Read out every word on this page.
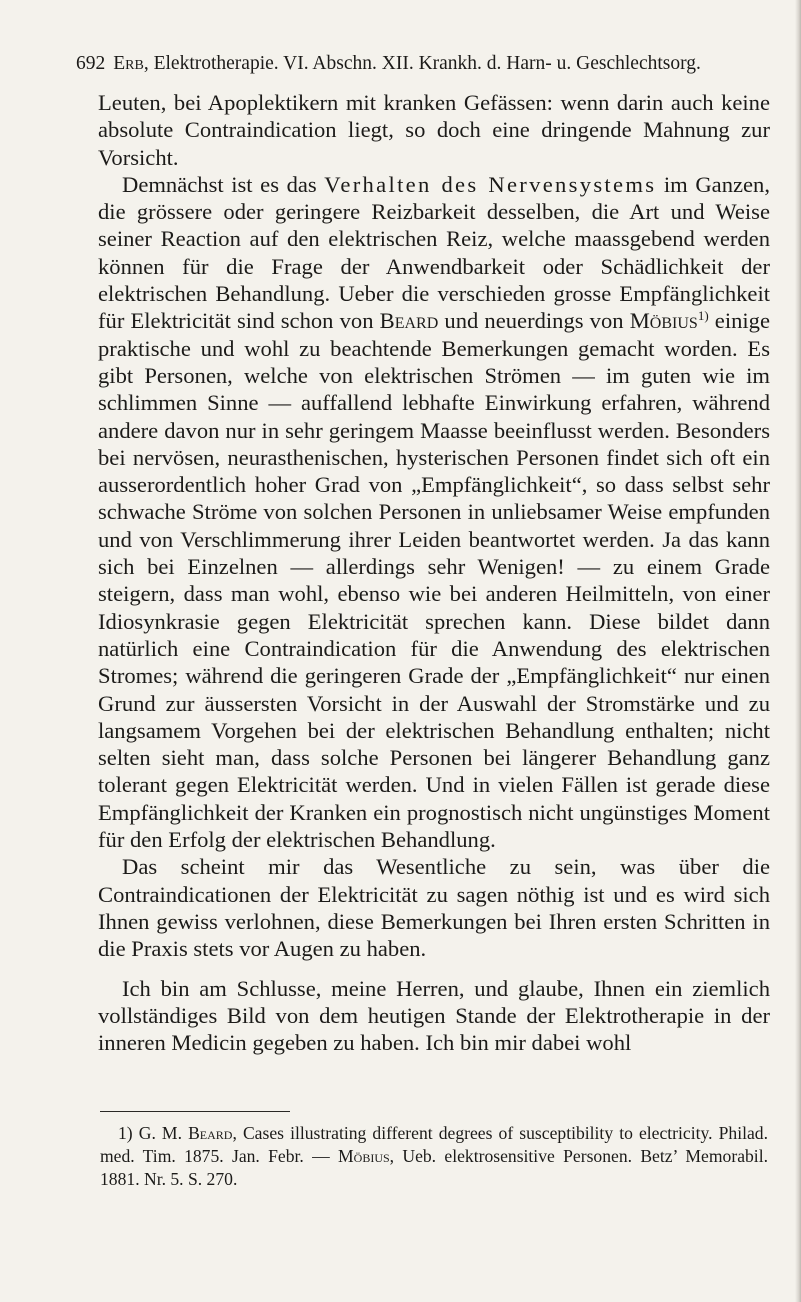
692 Erb, Elektrotherapie. VI. Abschn. XII. Krankh. d. Harn- u. Geschlechtsorg.

Leuten, bei Apoplektikern mit kranken Gefässen: wenn darin auch keine absolute Contraindication liegt, so doch eine dringende Mahnung zur Vorsicht.

Demnächst ist es das Verhalten des Nervensystems im Ganzen, die grössere oder geringere Reizbarkeit desselben, die Art und Weise seiner Reaction auf den elektrischen Reiz, welche maassgebend werden können für die Frage der Anwendbarkeit oder Schädlichkeit der elektrischen Behandlung. Ueber die verschieden grosse Empfänglichkeit für Elektricität sind schon von Beard und neuerdings von Möbius$^{1)}$ einige praktische und wohl zu beachtende Bemerkungen gemacht worden. Es gibt Personen, welche von elektrischen Strömen — im guten wie im schlimmen Sinne — auffallend lebhafte Einwirkung erfahren, während andere davon nur in sehr geringem Maasse beeinflusst werden. Besonders bei nervösen, neurasthenischen, hysterischen Personen findet sich oft ein ausserordentlich hoher Grad von „Empfänglichkeit“, so dass selbst sehr schwache Ströme von solchen Personen in unliebsamer Weise empfunden und von Verschlimmerung ihrer Leiden beantwortet werden. Ja das kann sich bei Einzelnen — allerdings sehr Wenigen! — zu einem Grade steigern, dass man wohl, ebenso wie bei anderen Heilmitteln, von einer Idiosynkrasie gegen Elektricität sprechen kann. Diese bildet dann natürlich eine Contraindication für die Anwendung des elektrischen Stromes; während die geringeren Grade der „Empfänglichkeit“ nur einen Grund zur äussersten Vorsicht in der Auswahl der Stromstärke und zu langsamem Vorgehen bei der elektrischen Behandlung enthalten; nicht selten sieht man, dass solche Personen bei längerer Behandlung ganz tolerant gegen Elektricität werden. Und in vielen Fällen ist gerade diese Empfänglichkeit der Kranken ein prognostisch nicht ungünstiges Moment für den Erfolg der elektrischen Behandlung.

Das scheint mir das Wesentliche zu sein, was über die Contraindicationen der Elektricität zu sagen nöthig ist und es wird sich Ihnen gewiss verlohnen, diese Bemerkungen bei Ihren ersten Schritten in die Praxis stets vor Augen zu haben.

Ich bin am Schlusse, meine Herren, und glaube, Ihnen ein ziemlich vollständiges Bild von dem heutigen Stande der Elektrotherapie in der inneren Medicin gegeben zu haben. Ich bin mir dabei wohl

1) G. M. Beard, Cases illustrating different degrees of susceptibility to electricity. Philad. med. Tim. 1875. Jan. Febr. — Möbius, Ueb. elektrosensitive Personen. Betz’ Memorabil. 1881. Nr. 5. S. 270.
